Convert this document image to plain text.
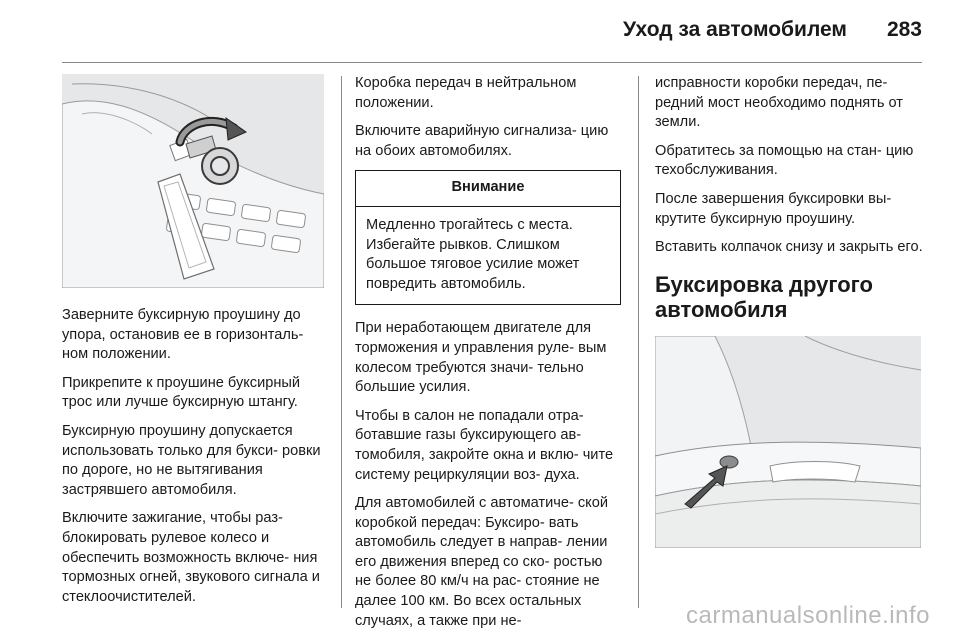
Уход за автомобилем 283

Заверните буксирную проушину до упора, остановив ее в горизонталь- ном положении.

Прикрепите к проушине буксирный трос или лучше буксирную штангу.

Буксирную проушину допускается использовать только для букси- ровки по дороге, но не вытягивания застрявшего автомобиля.

Включите зажигание, чтобы раз- блокировать рулевое колесо и обеспечить возможность включе- ния тормозных огней, звукового сигнала и стеклоочистителей.

Коробка передач в нейтральном положении.

Включите аварийную сигнализа- цию на обоих автомобилях.

Внимание
Медленно трогайтесь с места. Избегайте рывков. Слишком большое тяговое усилие может повредить автомобиль.

При неработающем двигателе для торможения и управления руле- вым колесом требуются значи- тельно большие усилия.

Чтобы в салон не попадали отра- ботавшие газы буксирующего ав- томобиля, закройте окна и вклю- чите систему рециркуляции воз- духа.

Для автомобилей с автоматиче- ской коробкой передач: Буксиро- вать автомобиль следует в направ- лении его движения вперед со ско- ростью не более 80 км/ч на рас- стояние не далее 100 км. Во всех остальных случаях, а также при не-

исправности коробки передач, пе- редний мост необходимо поднять от земли.

Обратитесь за помощью на стан- цию техобслуживания.

После завершения буксировки вы- крутите буксирную проушину.

Вставить колпачок снизу и закрыть его.

Буксировка другого автомобиля
carmanualsonline.info
